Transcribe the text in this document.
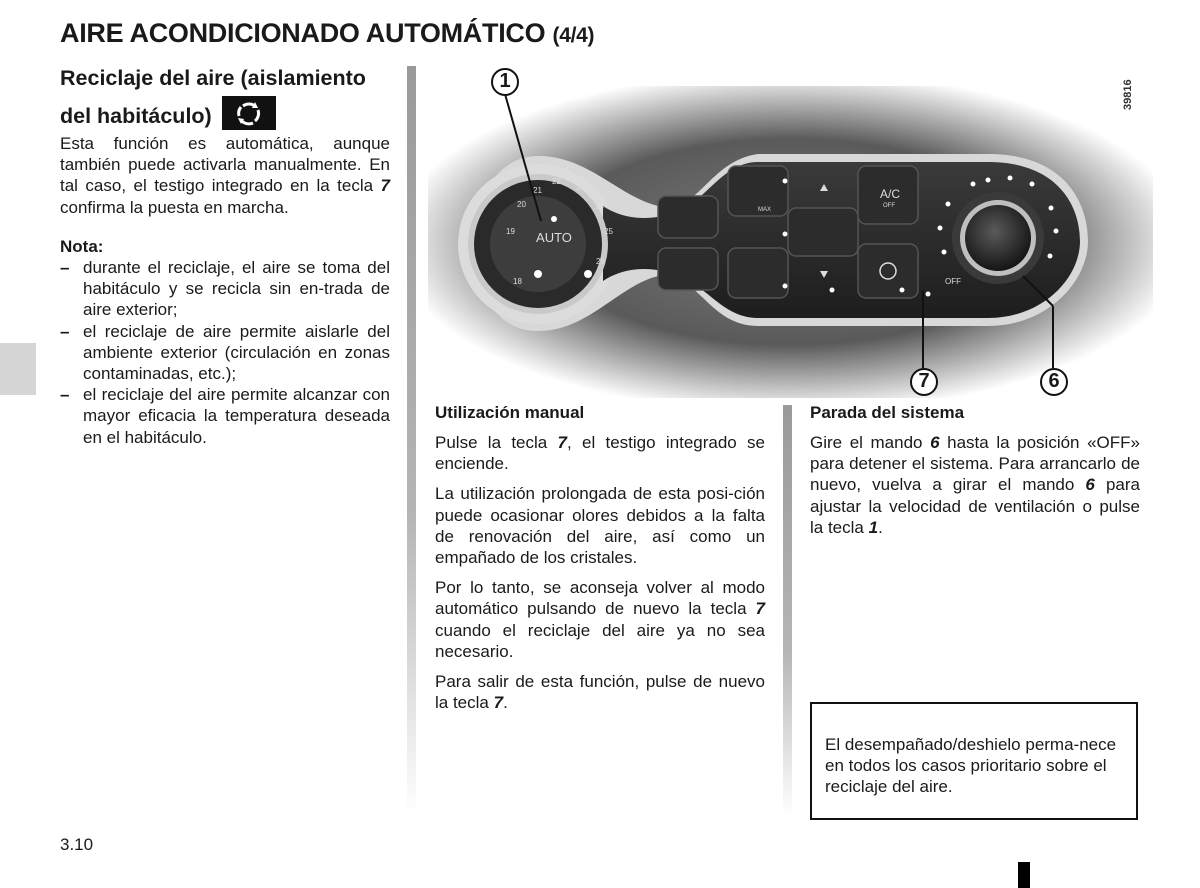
AIRE ACONDICIONADO AUTOMÁTICO (4/4)
Reciclaje del aire (aislamiento
del habitáculo)
Esta función es automática, aunque también puede activarla manualmente. En tal caso, el testigo integrado en la tecla 7 confirma la puesta en marcha.
Nota:
– durante el reciclaje, el aire se toma del habitáculo y se recicla sin en-trada de aire exterior;
– el reciclaje de aire permite aislarle del ambiente exterior (circulación en zonas contaminadas, etc.);
– el reciclaje del aire permite alcanzar con mayor eficacia la temperatura deseada en el habitáculo.
18
19
20
21
22
23
24
25
26
AUTO
A/C
OFF
MAX
OFF
1
7	6
39816
Utilización manual
Pulse la tecla 7, el testigo integrado se enciende.
La utilización prolongada de esta posi-ción puede ocasionar olores debidos a la falta de renovación del aire, así como un empañado de los cristales.
Por lo tanto, se aconseja volver al modo automático pulsando de nuevo la tecla 7 cuando el reciclaje del aire ya no sea necesario.
Para salir de esta función, pulse de nuevo la tecla 7.
Parada del sistema
Gire el mando 6 hasta la posición «OFF» para detener el sistema. Para arrancarlo de nuevo, vuelva a girar el mando 6 para ajustar la velocidad de ventilación o pulse la tecla 1.
El desempañado/deshielo perma-nece en todos los casos prioritario sobre el reciclaje del aire.
3.10
